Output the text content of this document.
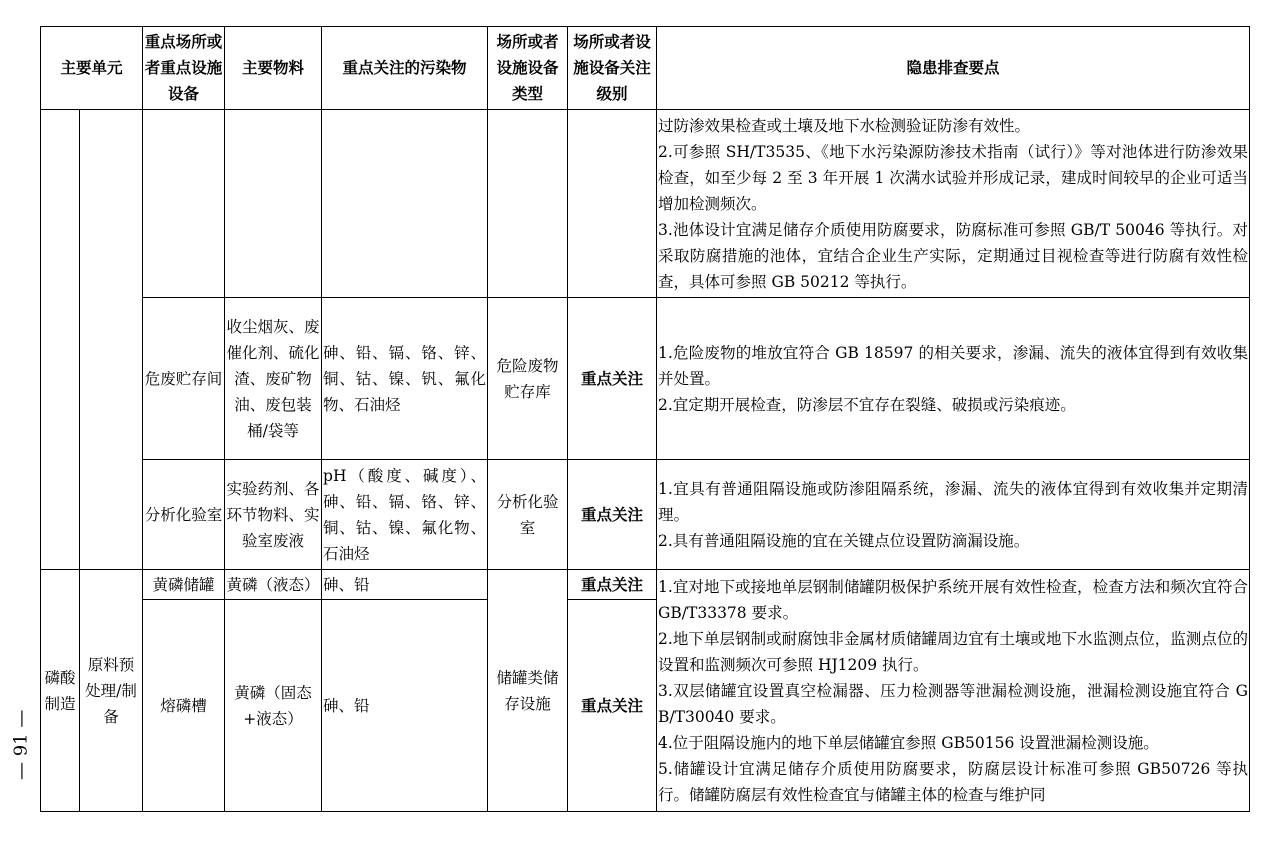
主要单元		重点场所或者重点设施设备	主要物料	重点关注的污染物	场所或者设施设备类型	场所或者设施设备关注级别	隐患排查要点

							过防渗效果检查或土壤及地下水检测验证防渗有效性。
2.可参照 SH/T3535、《地下水污染源防渗技术指南（试行）》等对池体进行防渗效果检查，如至少每 2 至 3 年开展 1 次满水试验并形成记录，建成时间较早的企业可适当增加检测频次。
3.池体设计宜满足储存介质使用防腐要求，防腐标准可参照 GB/T 50046 等执行。对采取防腐措施的池体，宜结合企业生产实际，定期通过目视检查等进行防腐有效性检查，具体可参照 GB 50212 等执行。

		危废贮存间	收尘烟灰、废催化剂、硫化渣、废矿物油、废包装桶/袋等	砷、铅、镉、铬、锌、铜、钴、镍、钒、氟化物、石油烃	危险废物贮存库	重点关注	1.危险废物的堆放宜符合 GB 18597 的相关要求，渗漏、流失的液体宜得到有效收集并处置。
2.宜定期开展检查，防渗层不宜存在裂缝、破损或污染痕迹。

		分析化验室	实验药剂、各环节物料、实验室废液	pH（酸度、碱度）、砷、铅、镉、铬、锌、铜、钴、镍、氟化物、石油烃	分析化验室	重点关注	1.宜具有普通阻隔设施或防渗阻隔系统，渗漏、流失的液体宜得到有效收集并定期清理。
2.具有普通阻隔设施的宜在关键点位设置防滴漏设施。

磷酸制造	原料预处理/制备	黄磷储罐	黄磷（液态）	砷、铅	储罐类储存设施	重点关注	1.宜对地下或接地单层钢制储罐阴极保护系统开展有效性检查，检查方法和频次宜符合 GB/T33378 要求。
2.地下单层钢制或耐腐蚀非金属材质储罐周边宜有土壤或地下水监测点位，监测点位的设置和监测频次可参照 HJ1209 执行。
3.双层储罐宜设置真空检漏器、压力检测器等泄漏检测设施，泄漏检测设施宜符合 GB/T30040 要求。
4.位于阻隔设施内的地下单层储罐宜参照 GB50156 设置泄漏检测设施。
5.储罐设计宜满足储存介质使用防腐要求，防腐层设计标准可参照 GB50726 等执行。储罐防腐层有效性检查宜与储罐主体的检查与维护同

		熔磷槽	黄磷（固态+液态）	砷、铅		重点关注	
— 91 —
